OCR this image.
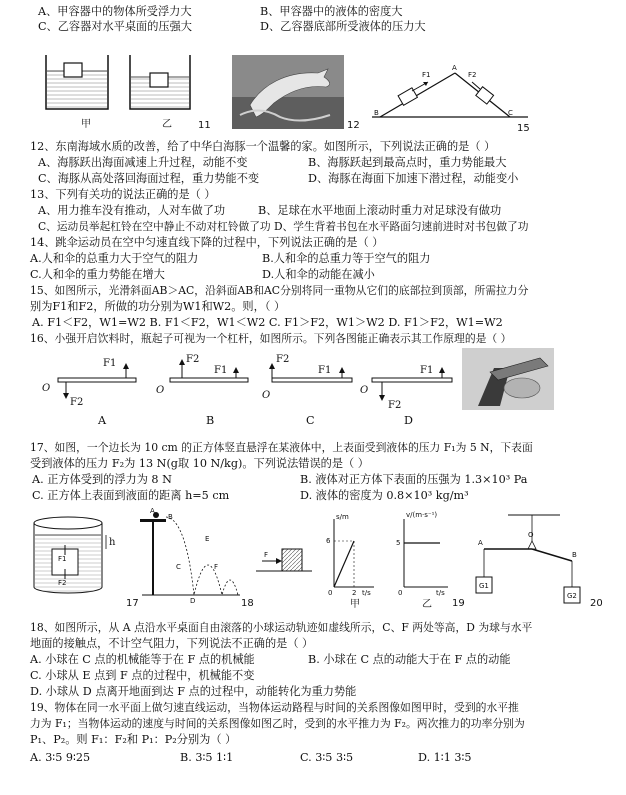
A、甲容器中的物体所受浮力大	B、甲容器中的液体的密度大
C、乙容器对水平桌面的压强大	D、乙容器底部所受液体的压力大
甲	乙	11	12
F1	F2
A
B	C
15
12、东南海域水质的改善，给了中华白海豚一个温馨的家。如图所示，下列说法正确的是（ ）
A、海豚跃出海面减速上升过程，动能不变	B、海豚跃起到最高点时，重力势能最大
C、海豚从高处落回海面过程，重力势能不变	D、海豚在海面下加速下潜过程，动能变小
13、下列有关功的说法正确的是（ ）
A、用力推车没有推动，人对车做了功	B、足球在水平地面上滚动时重力对足球没有做功
C、运动员举起杠铃在空中静止不动对杠铃做了功 D、学生背着书包在水平路面匀速前进时对书包做了功
14、跳伞运动员在空中匀速直线下降的过程中，下列说法正确的是（ ）
A.人和伞的总重力大于空气的阻力	B.人和伞的总重力等于空气的阻力
C.人和伞的重力势能在增大	D.人和伞的动能在减小
15、如图所示，光滑斜面AB＞AC，沿斜面AB和AC分别将同一重物从它们的底部拉到顶部，所需拉力分
别为F1和F2，所做的功分别为W1和W2。则，（ ）
A. F1＜F2，W1=W2 B. F1＜F2，W1＜W2 C. F1＞F2，W1＞W2 D. F1＞F2，W1=W2
16、小强开启饮料时，瓶起子可视为一个杠杆，如图所示。下列各图能正确表示其工作原理的是（ ）
F1
O
F2
A
F2
F1
O
B
F2
F1
O
C
F1
O
F2
D
17、如图，一个边长为 10 cm 的正方体竖直悬浮在某液体中，上表面受到液体的压力 F₁为 5 N，下表面
受到液体的压力 F₂为 13 N(g取 10 N/kg)。下列说法错误的是（ ）
A. 正方体受到的浮力为 8 N	B. 液体对正方体下表面的压强为 1.3×10³ Pa
C. 正方体上表面到液面的距离 h=5 cm	D. 液体的密度为 0.8×10³ kg/m³
F1
F2
h
17
A
B
C
D
E
F
18
F
s/m
6
0	2 t/s
甲
v/(m·s⁻¹)
5
0	t/s
乙 19
A
O
B
G1
G2
20
18、如图所示，从 A 点沿水平桌面自由滚落的小球运动轨迹如虚线所示，C、F 两处等高，D 为球与水平
地面的接触点，不计空气阻力，下列说法不正确的是（ ）
A. 小球在 C 点的机械能等于在 F 点的机械能	B. 小球在 C 点的动能大于在 F 点的动能
C. 小球从 E 点到 F 点的过程中，机械能不变
D. 小球从 D 点离开地面到达 F 点的过程中，动能转化为重力势能
19、物体在同一水平面上做匀速直线运动，当物体运动路程与时间的关系图像如图甲时，受到的水平推
力为 F₁；当物体运动的速度与时间的关系图像如图乙时，受到的水平推力为 F₂。两次推力的功率分别为
P₁、P₂。则 F₁：F₂和 P₁：P₂分别为（ ）
A. 3∶5 9∶25	B. 3∶5 1∶1	C. 3∶5 3∶5	D. 1∶1 3∶5
